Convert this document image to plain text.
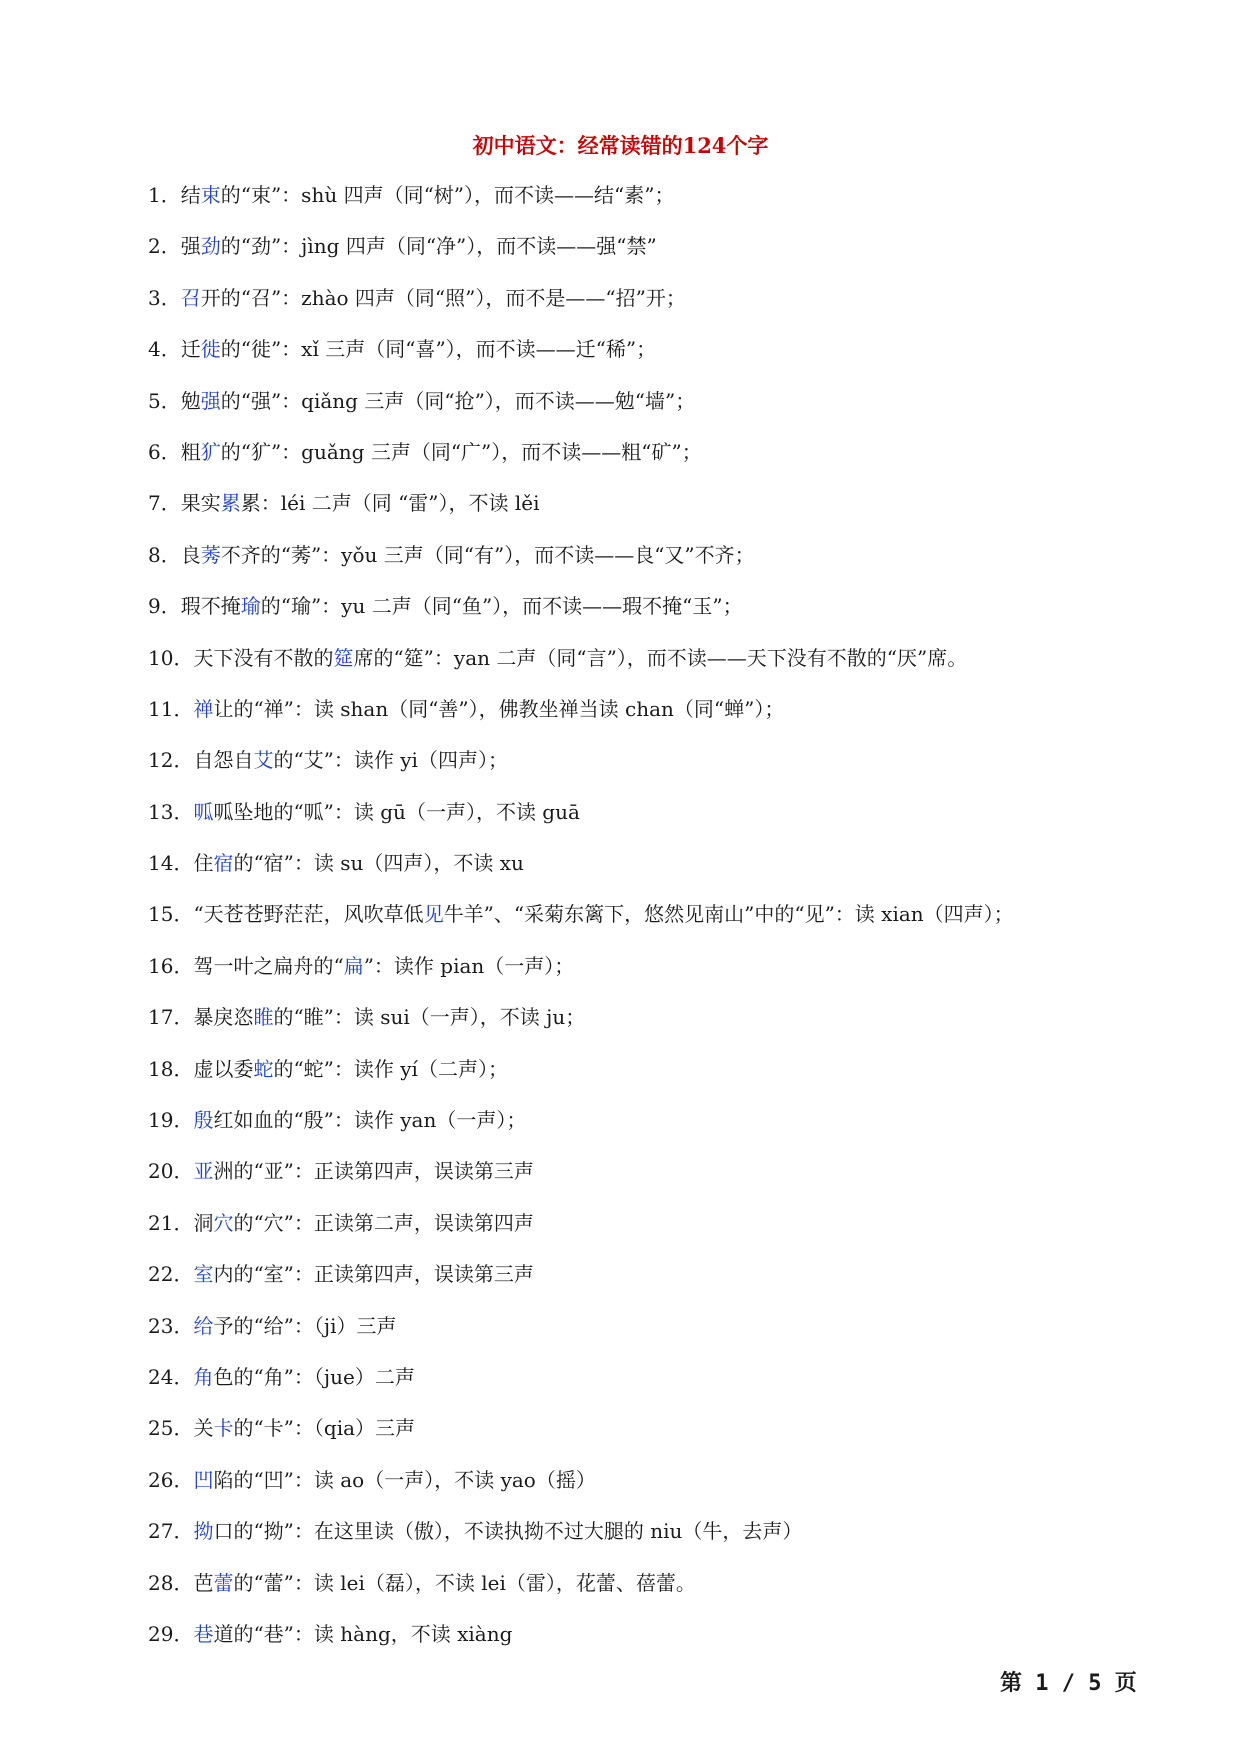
初中语文：经常读错的124个字
1．结束的“束”：shù 四声（同“树”），而不读——结“素”；
2．强劲的“劲”：jìng 四声（同“净”），而不读——强“禁”
3．召开的“召”：zhào 四声（同“照”），而不是——“招”开；
4．迁徙的“徙”：xǐ 三声（同“喜”），而不读——迁“稀”；
5．勉强的“强”：qiǎng 三声（同“抢”），而不读——勉“墙”；
6．粗犷的“犷”：guǎng 三声（同“广”），而不读——粗“矿”；
7．果实累累：léi 二声（同 “雷”），不读 lěi
8．良莠不齐的“莠”：yǒu 三声（同“有”），而不读——良“又”不齐；
9．瑕不掩瑜的“瑜”：yu 二声（同“鱼”），而不读——瑕不掩“玉”；
10．天下没有不散的筵席的“筵”：yan 二声（同“言”），而不读——天下没有不散的“厌”席。
11．禅让的“禅”：读 shan（同“善”），佛教坐禅当读 chan（同“蝉”）；
12．自怨自艾的“艾”：读作 yi（四声）；
13．呱呱坠地的“呱”：读 gū（一声），不读 guā
14．住宿的“宿”：读 su（四声），不读 xu
15．“天苍苍野茫茫，风吹草低见牛羊”、“采菊东篱下，悠然见南山”中的“见”：读 xian（四声）；
16．驾一叶之扁舟的“扁”：读作 pian（一声）；
17．暴戾恣睢的“睢”：读 sui（一声），不读 ju；
18．虚以委蛇的“蛇”：读作 yí（二声）；
19．殷红如血的“殷”：读作 yan（一声）；
20．亚洲的“亚”：正读第四声，误读第三声
21．洞穴的“穴”：正读第二声，误读第四声
22．室内的“室”：正读第四声，误读第三声
23．给予的“给”：（ji）三声
24．角色的“角”：（jue）二声
25．关卡的“卡”：（qia）三声
26．凹陷的“凹”：读 ao（一声），不读 yao（摇）
27．拗口的“拗”：在这里读（傲），不读执拗不过大腿的 niu（牛，去声）
28．芭蕾的“蕾”：读 lei（磊），不读 lei（雷），花蕾、蓓蕾。
29．巷道的“巷”：读 hàng，不读 xiàng
第 1 / 5 页
